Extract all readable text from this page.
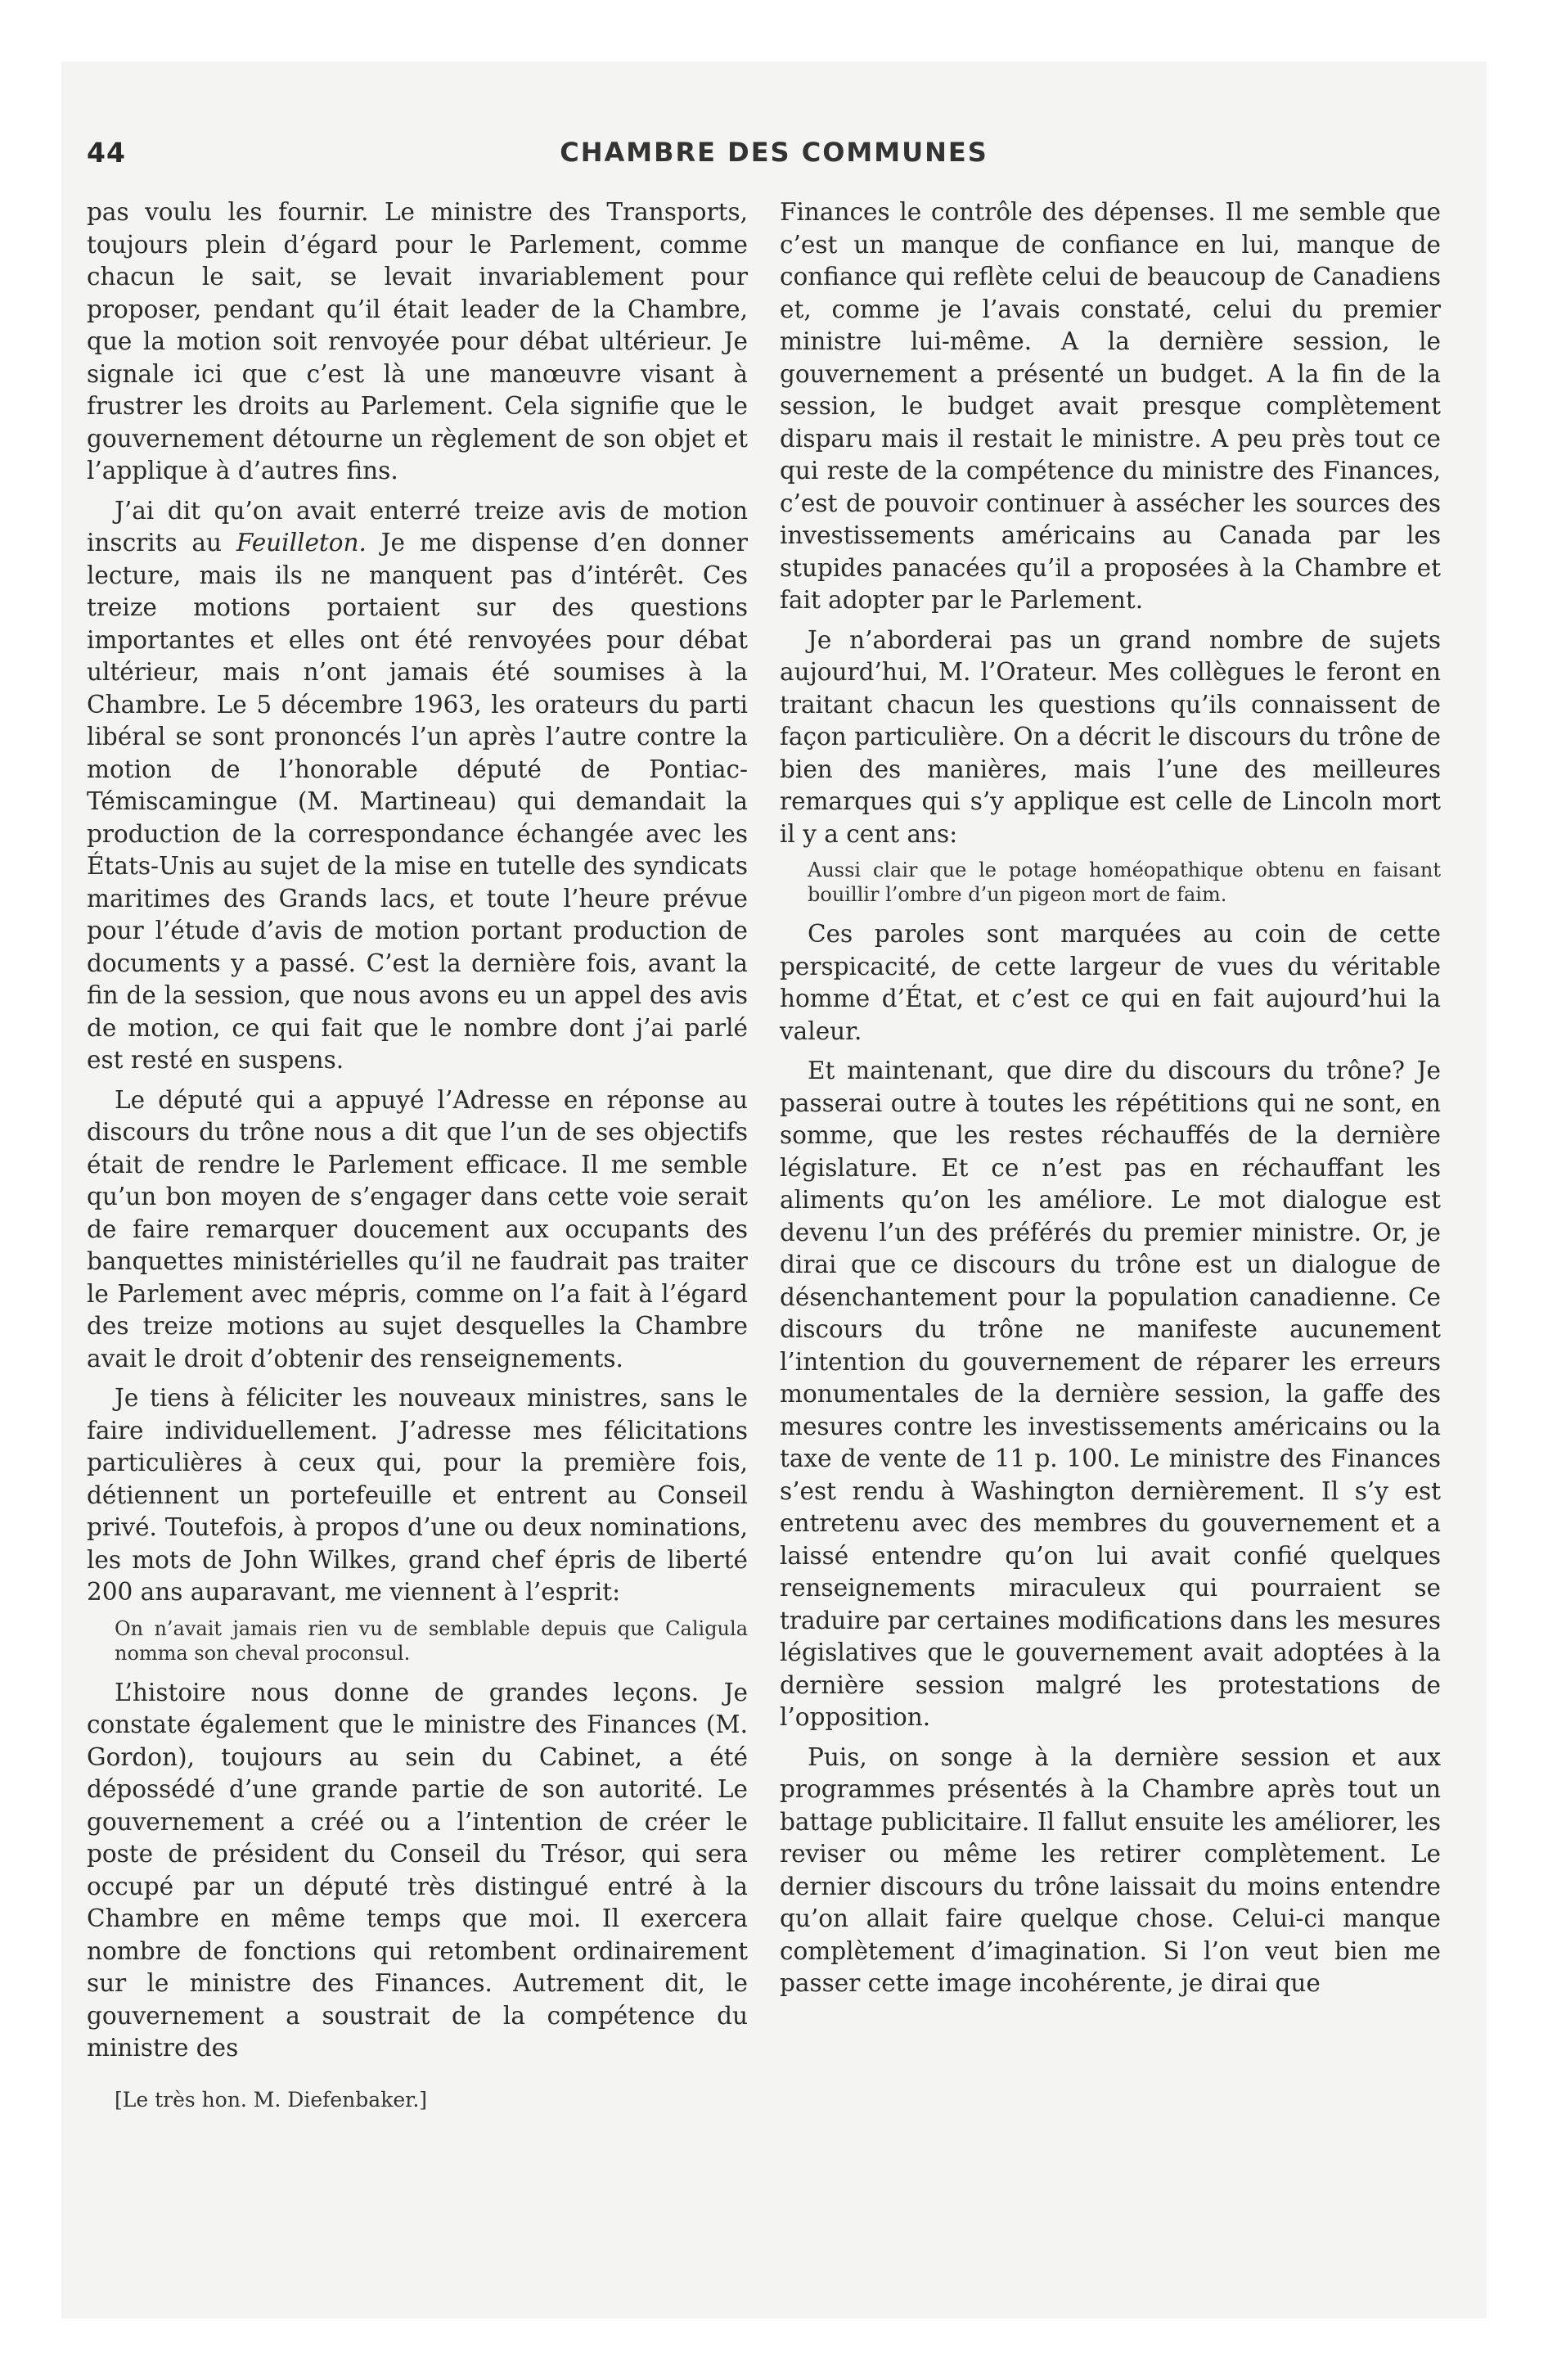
44	CHAMBRE DES COMMUNES

pas voulu les fournir. Le ministre des Transports, toujours plein d’égard pour le Parlement, comme chacun le sait, se levait invariablement pour proposer, pendant qu’il était leader de la Chambre, que la motion soit renvoyée pour débat ultérieur. Je signale ici que c’est là une manœuvre visant à frustrer les droits au Parlement. Cela signifie que le gouvernement détourne un règlement de son objet et l’applique à d’autres fins.

J’ai dit qu’on avait enterré treize avis de motion inscrits au Feuilleton. Je me dispense d’en donner lecture, mais ils ne manquent pas d’intérêt. Ces treize motions portaient sur des questions importantes et elles ont été renvoyées pour débat ultérieur, mais n’ont jamais été soumises à la Chambre. Le 5 décembre 1963, les orateurs du parti libéral se sont prononcés l’un après l’autre contre la motion de l’honorable député de Pontiac-Témiscamingue (M. Martineau) qui demandait la production de la correspondance échangée avec les États-Unis au sujet de la mise en tutelle des syndicats maritimes des Grands lacs, et toute l’heure prévue pour l’étude d’avis de motion portant production de documents y a passé. C’est la dernière fois, avant la fin de la session, que nous avons eu un appel des avis de motion, ce qui fait que le nombre dont j’ai parlé est resté en suspens.

Le député qui a appuyé l’Adresse en réponse au discours du trône nous a dit que l’un de ses objectifs était de rendre le Parlement efficace. Il me semble qu’un bon moyen de s’engager dans cette voie serait de faire remarquer doucement aux occupants des banquettes ministérielles qu’il ne faudrait pas traiter le Parlement avec mépris, comme on l’a fait à l’égard des treize motions au sujet desquelles la Chambre avait le droit d’obtenir des renseignements.

Je tiens à féliciter les nouveaux ministres, sans le faire individuellement. J’adresse mes félicitations particulières à ceux qui, pour la première fois, détiennent un portefeuille et entrent au Conseil privé. Toutefois, à propos d’une ou deux nominations, les mots de John Wilkes, grand chef épris de liberté 200 ans auparavant, me viennent à l’esprit:

On n’avait jamais rien vu de semblable depuis que Caligula nomma son cheval proconsul.

L’histoire nous donne de grandes leçons. Je constate également que le ministre des Finances (M. Gordon), toujours au sein du Cabinet, a été dépossédé d’une grande partie de son autorité. Le gouvernement a créé ou a l’intention de créer le poste de président du Conseil du Trésor, qui sera occupé par un député très distingué entré à la Chambre en même temps que moi. Il exercera nombre de fonctions qui retombent ordinairement sur le ministre des Finances. Autrement dit, le gouvernement a soustrait de la compétence du ministre des

[Le très hon. M. Diefenbaker.]

Finances le contrôle des dépenses. Il me semble que c’est un manque de confiance en lui, manque de confiance qui reflète celui de beaucoup de Canadiens et, comme je l’avais constaté, celui du premier ministre lui-même. A la dernière session, le gouvernement a présenté un budget. A la fin de la session, le budget avait presque complètement disparu mais il restait le ministre. A peu près tout ce qui reste de la compétence du ministre des Finances, c’est de pouvoir continuer à assécher les sources des investissements américains au Canada par les stupides panacées qu’il a proposées à la Chambre et fait adopter par le Parlement.

Je n’aborderai pas un grand nombre de sujets aujourd’hui, M. l’Orateur. Mes collègues le feront en traitant chacun les questions qu’ils connaissent de façon particulière. On a décrit le discours du trône de bien des manières, mais l’une des meilleures remarques qui s’y applique est celle de Lincoln mort il y a cent ans:

Aussi clair que le potage homéopathique obtenu en faisant bouillir l’ombre d’un pigeon mort de faim.

Ces paroles sont marquées au coin de cette perspicacité, de cette largeur de vues du véritable homme d’État, et c’est ce qui en fait aujourd’hui la valeur.

Et maintenant, que dire du discours du trône? Je passerai outre à toutes les répétitions qui ne sont, en somme, que les restes réchauffés de la dernière législature. Et ce n’est pas en réchauffant les aliments qu’on les améliore. Le mot dialogue est devenu l’un des préférés du premier ministre. Or, je dirai que ce discours du trône est un dialogue de désenchantement pour la population canadienne. Ce discours du trône ne manifeste aucunement l’intention du gouvernement de réparer les erreurs monumentales de la dernière session, la gaffe des mesures contre les investissements américains ou la taxe de vente de 11 p. 100. Le ministre des Finances s’est rendu à Washington dernièrement. Il s’y est entretenu avec des membres du gouvernement et a laissé entendre qu’on lui avait confié quelques renseignements miraculeux qui pourraient se traduire par certaines modifications dans les mesures législatives que le gouvernement avait adoptées à la dernière session malgré les protestations de l’opposition.

Puis, on songe à la dernière session et aux programmes présentés à la Chambre après tout un battage publicitaire. Il fallut ensuite les améliorer, les reviser ou même les retirer complètement. Le dernier discours du trône laissait du moins entendre qu’on allait faire quelque chose. Celui-ci manque complètement d’imagination. Si l’on veut bien me passer cette image incohérente, je dirai que
